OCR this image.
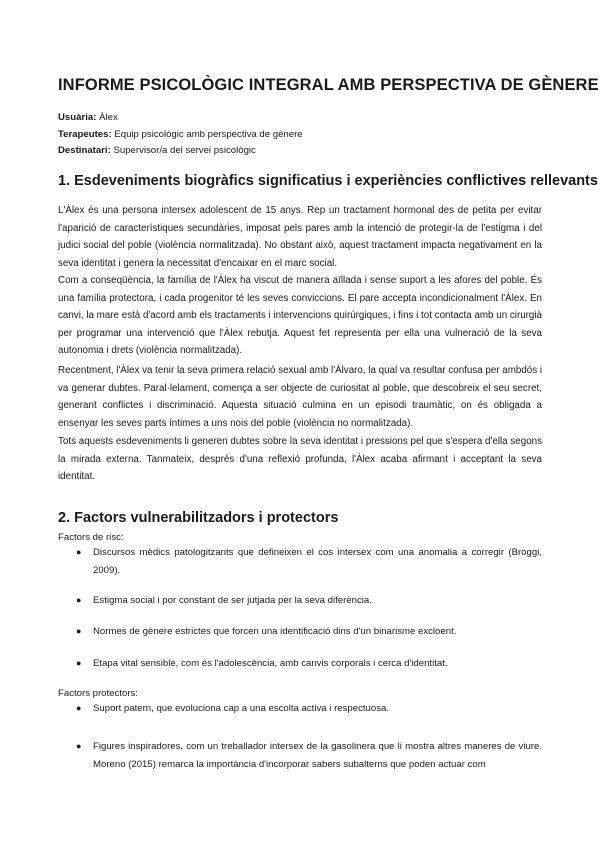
INFORME PSICOLÒGIC INTEGRAL AMB PERSPECTIVA DE GÈNERE
Usuària: Àlex
Terapeutes: Equip psicològic amb perspectiva de gènere
Destinatari: Supervisor/a del servei psicològic
1. Esdeveniments biogràfics significatius i experiències conflictives rellevants
L'Àlex és una persona intersex adolescent de 15 anys. Rep un tractament hormonal des de petita per evitar l'aparició de característiques secundàries, imposat pels pares amb la intenció de protegir-la de l'estigma i del judici social del poble (violència normalitzada). No obstant això, aquest tractament impacta negativament en la seva identitat i genera la necessitat d'encaixar en el marc social.
Com a conseqüència, la família de l'Àlex ha viscut de manera aïllada i sense suport a les afores del poble. És una família protectora, i cada progenitor té les seves conviccions. El pare accepta incondicionalment l'Àlex. En canvi, la mare està d'acord amb els tractaments i intervencions quirúrgiques, i fins i tot contacta amb un cirurgià per programar una intervenció que l'Àlex rebutja. Aquest fet representa per ella una vulneració de la seva autonomia i drets (violència normalitzada).
Recentment, l'Àlex va tenir la seva primera relació sexual amb l'Álvaro, la qual va resultar confusa per ambdós i va generar dubtes. Paral·lelament, comença a ser objecte de curiositat al poble, que descobreix el seu secret, generant conflictes i discriminació. Aquesta situació culmina en un episodi traumàtic, on és obligada a ensenyar les seves parts íntimes a uns nois del poble (violència no normalitzada).
Tots aquests esdeveniments li generen dubtes sobre la seva identitat i pressions pel que s'espera d'ella segons la mirada externa. Tanmateix, després d'una reflexió profunda, l'Àlex acaba afirmant i acceptant la seva identitat.
2. Factors vulnerabilitzadors i protectors
Factors de risc:
● Discursos mèdics patologitzants que defineixen el cos intersex com una anomalia a corregir (Broggi, 2009).
● Estigma social i por constant de ser jutjada per la seva diferència.
● Normes de gènere estrictes que forcen una identificació dins d'un binarisme excloent.
● Etapa vital sensible, com és l'adolescència, amb canvis corporals i cerca d'identitat.
Factors protectors:
● Suport patern, que evoluciona cap a una escolta activa i respectuosa.
● Figures inspiradores, com un treballador intersex de la gasolinera que li mostra altres maneres de viure. Moreno (2015) remarca la importància d'incorporar sabers subalterns que poden actuar com
